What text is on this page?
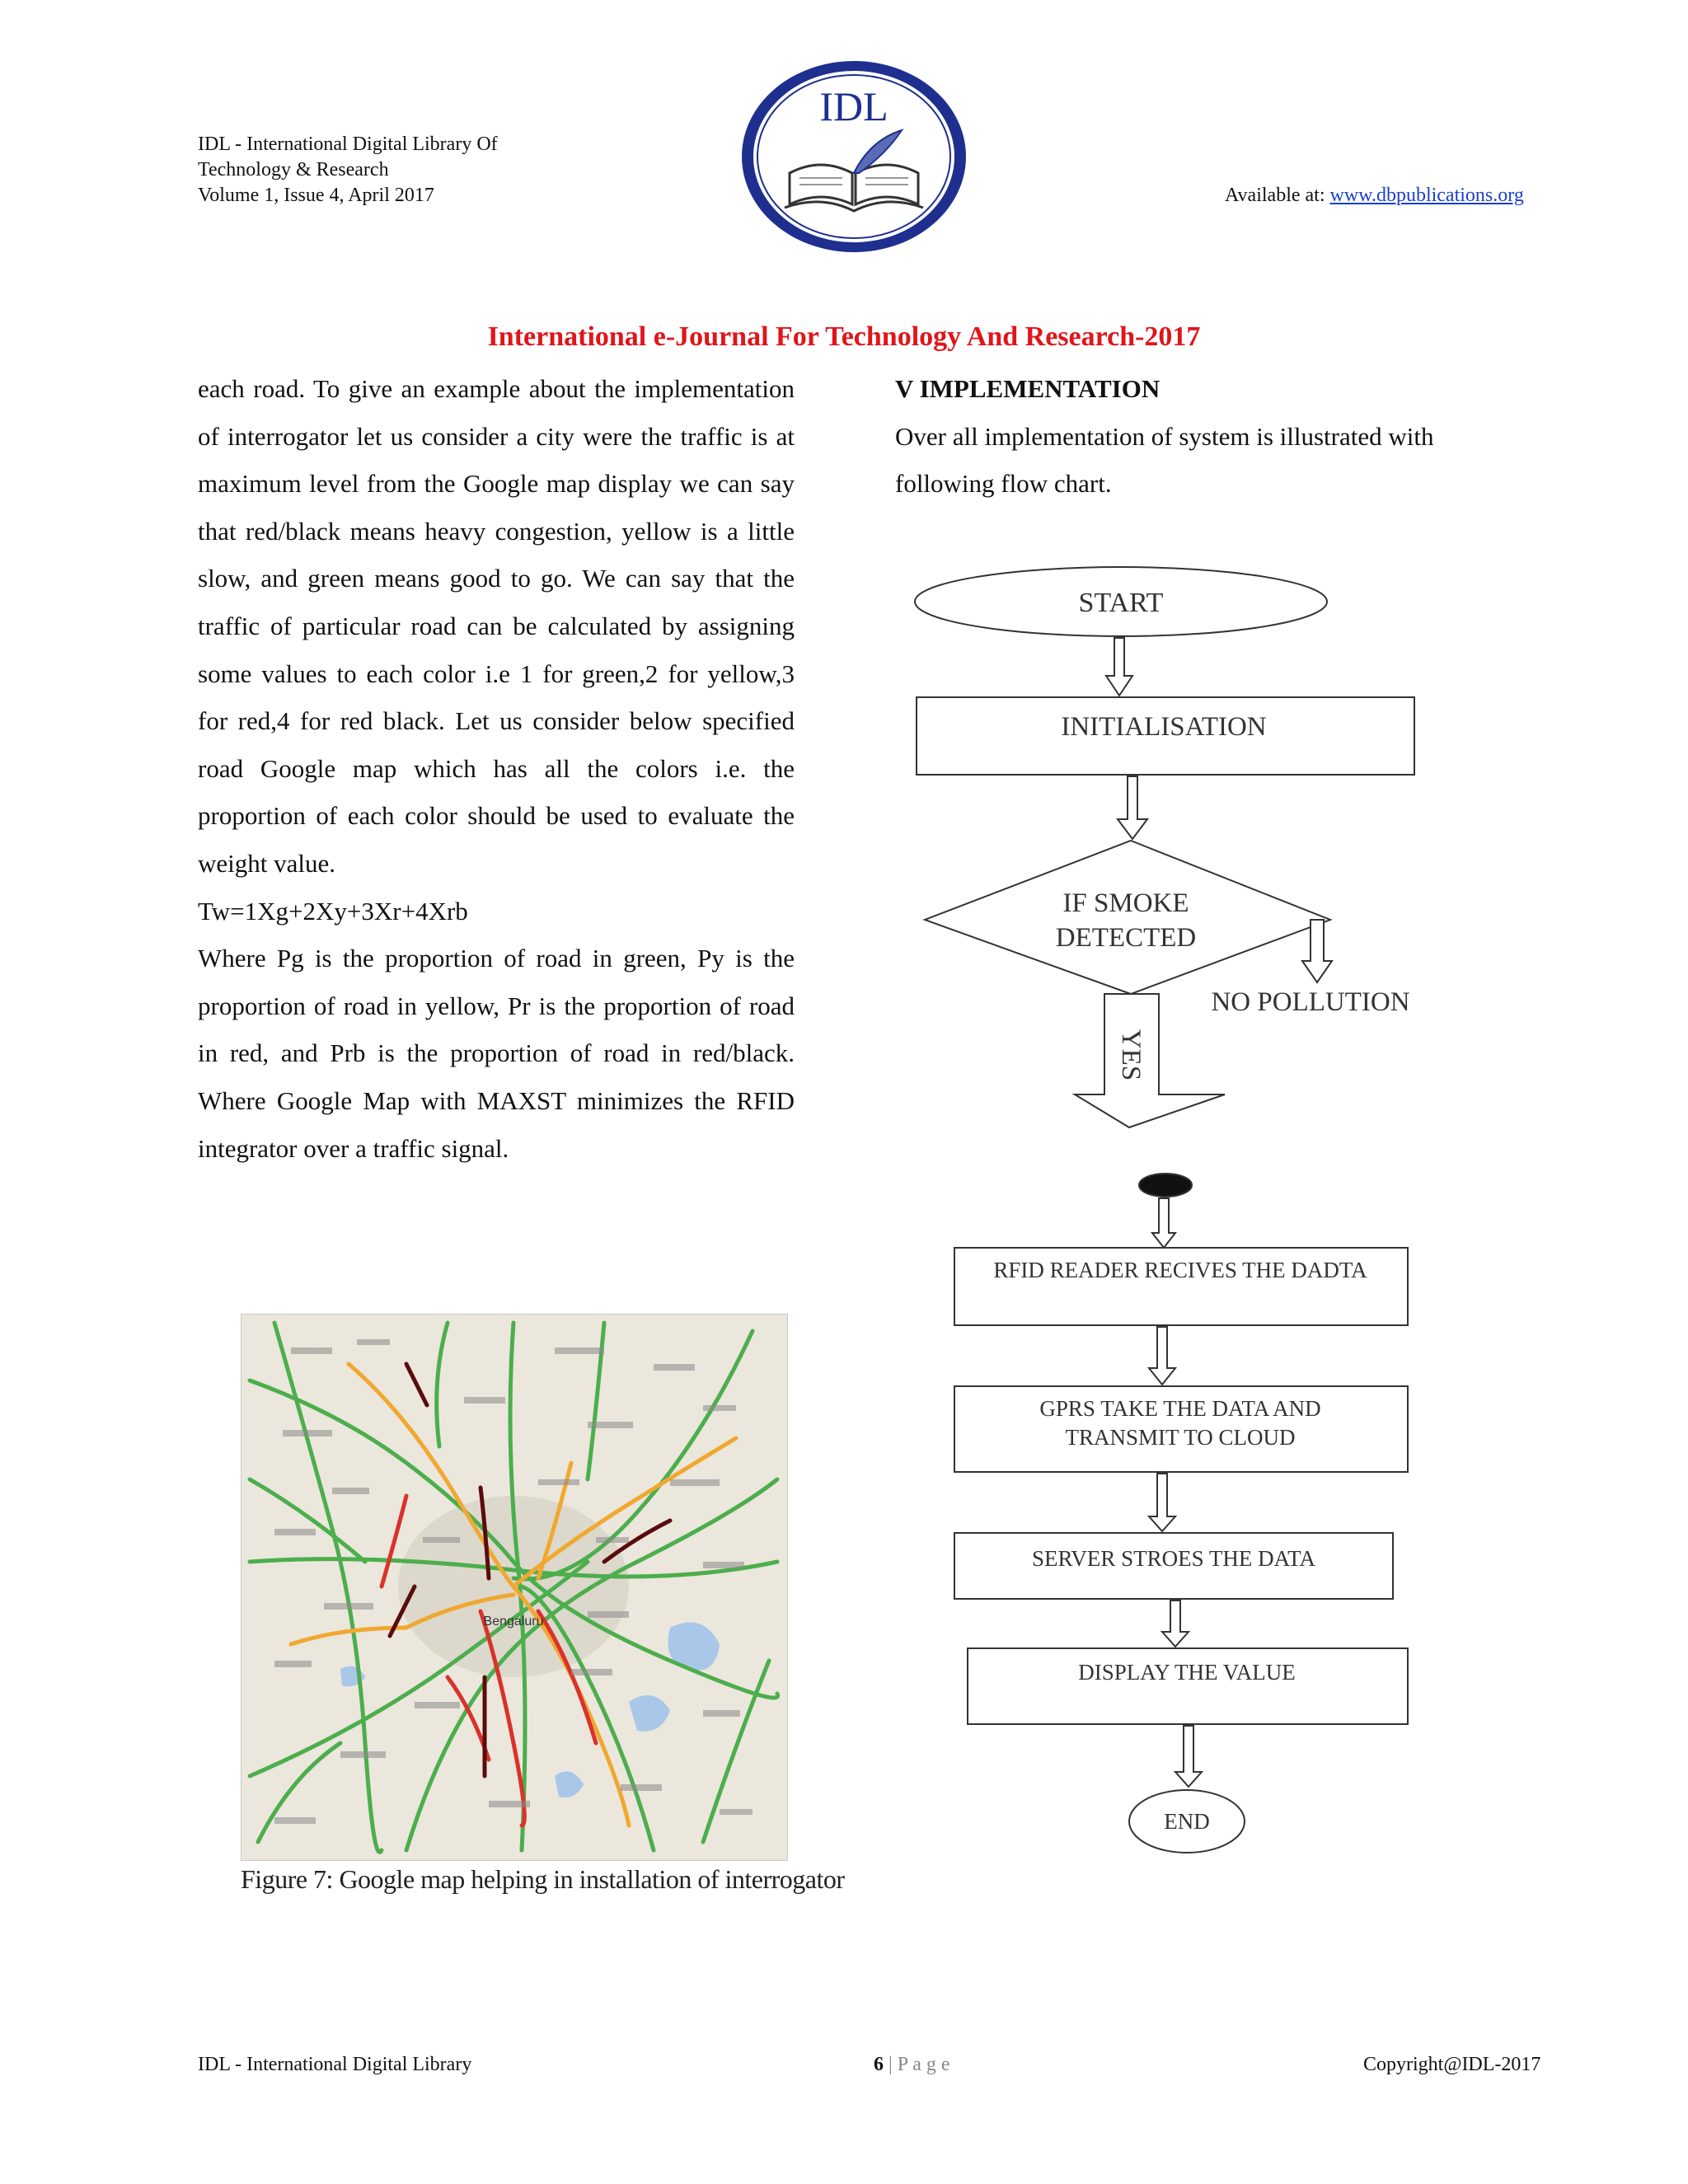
IDL - International Digital Library Of
Technology & Research
Volume 1, Issue 4, April 2017
IDL
Available at: www.dbpublications.org
International e-Journal For Technology And Research-2017

each road. To give an example about the implementation of interrogator let us consider a city were the traffic is at maximum level from the Google map display we can say that red/black means heavy congestion, yellow is a little slow, and green means good to go. We can say that the traffic of particular road can be calculated by assigning some values to each color i.e 1 for green,2 for yellow,3 for red,4 for red black. Let us consider below specified road Google map which has all the colors i.e. the proportion of each color should be used to evaluate the weight value.

Tw=1Xg+2Xy+3Xr+4Xrb

Where Pg is the proportion of road in green, Py is the proportion of road in yellow, Pr is the proportion of road in red, and Prb is the proportion of road in red/black. Where Google Map with MAXST minimizes the RFID integrator over a traffic signal.

Bengaluru
Figure 7: Google map helping in installation of interrogator
V IMPLEMENTATION

Over all implementation of system is illustrated with following flow chart.

START
INITIALISATION
IF SMOKE
DETECTED
NO POLLUTION
YES
RFID READER RECIVES THE DADTA
GPRS TAKE THE DATA AND
TRANSMIT TO CLOUD
SERVER STROES THE DATA
DISPLAY THE VALUE
END
IDL - International Digital Library	6 | P a g e	Copyright@IDL-2017
